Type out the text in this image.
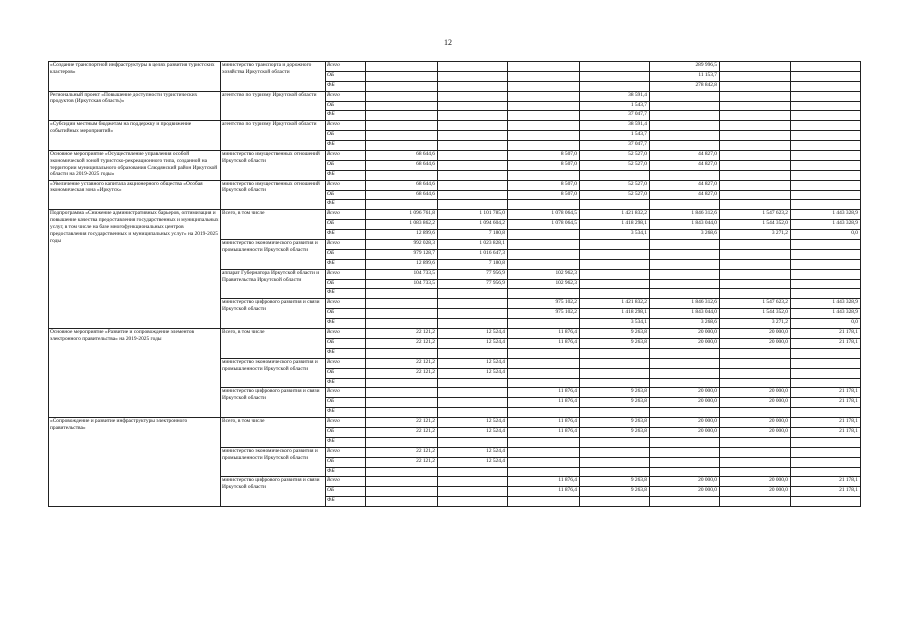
12
«Создание транспортной инфраструктуры в целях развития туристских кластеров»	министерство транспорта и дорожного хозяйства Иркутской области	Всего					289 996,5		
		ОБ					11 153,7		
		ФБ					278 842,8		
Региональный проект «Повышение доступности туристических продуктов (Иркутская область)»	агентство по туризму Иркутской области	Всего				38 591,4			
		ОБ				1 543,7			
		ФБ				37 047,7			
«Субсидии местным бюджетам на поддержку и продвижение событийных мероприятий»	агентство по туризму Иркутской области	Всего				38 591,4			
		ОБ				1 543,7			
		ФБ				37 047,7			
Основное мероприятие «Осуществление управления особой экономической зоной туристско-рекреационного типа, созданной на территории муниципального образования Слюдянский район Иркутской области на 2019-2025 годы»	министерство имущественных отношений Иркутской области	Всего	68 644,6		8 507,0	52 527,0	44 827,0		
		ОБ	68 644,6		8 507,0	52 527,0	44 827,0		
		ФБ							
«Увеличение уставного капитала акционерного общества «Особая экономическая зона «Иркутск»	министерство имущественных отношений Иркутской области	Всего	68 644,6		8 507,0	52 527,0	44 827,0		
		ОБ	68 644,6		8 507,0	52 527,0	44 827,0		
		ФБ							
Подпрограмма «Снижение административных барьеров, оптимизация и повышение качества предоставления государственных и муниципальных услуг, в том числе на базе многофункциональных центров предоставления государственных и муниципальных услуг» на 2019-2025 годы	Всего, в том числе	Всего	1 096 761,8	1 101 785,0	1 078 064,5	1 421 832,2	1 846 312,6	1 547 623,2	1 443 328,9
		ОБ	1 083 862,2	1 094 604,2	1 078 064,5	1 418 298,1	1 843 044,0	1 544 352,0	1 443 328,9
		ФБ	12 899,6	7 180,8		3 534,1	3 268,6	3 271,2	0,0
	министерство экономического развития и промышленности Иркутской области	Всего	992 028,3	1 023 828,1					
		ОБ	979 128,7	1 016 647,3					
		ФБ	12 899,6	7 180,8					
	аппарат Губернатора Иркутской области и Правительства Иркутской области	Всего	104 733,5	77 956,9	102 962,3				
		ОБ	104 733,5	77 956,9	102 962,3				
		ФБ							
	министерство цифрового развития и связи Иркутской области	Всего			975 102,2	1 421 832,2	1 846 312,6	1 547 623,2	1 443 328,9
		ОБ			975 102,2	1 418 298,1	1 843 044,0	1 544 352,0	1 443 328,9
		ФБ				3 534,1	3 268,6	3 271,2	0,0
Основное мероприятие «Развитие и сопровождение элементов электронного правительства» на 2019-2025 годы	Всего, в том числе	Всего	22 121,2	12 524,4	11 876,4	9 263,8	20 000,0	20 000,0	21 178,1
		ОБ	22 121,2	12 524,4	11 876,4	9 263,8	20 000,0	20 000,0	21 178,1
		ФБ							
	министерство экономического развития и промышленности Иркутской области	Всего	22 121,2	12 524,4					
		ОБ	22 121,2	12 524,4					
		ФБ							
	министерство цифрового развития и связи Иркутской области	Всего			11 876,4	9 263,8	20 000,0	20 000,0	21 178,1
		ОБ			11 876,4	9 263,8	20 000,0	20 000,0	21 178,1
		ФБ							
«Сопровождение и развитие инфраструктуры электронного правительства»	Всего, в том числе	Всего	22 121,2	12 524,4	11 876,4	9 263,8	20 000,0	20 000,0	21 178,1
		ОБ	22 121,2	12 524,4	11 876,4	9 263,8	20 000,0	20 000,0	21 178,1
		ФБ							
	министерство экономического развития и промышленности Иркутской области	Всего	22 121,2	12 524,4					
		ОБ	22 121,2	12 524,4					
		ФБ							
	министерство цифрового развития и связи Иркутской области	Всего			11 876,4	9 263,8	20 000,0	20 000,0	21 178,1
		ОБ			11 876,4	9 263,8	20 000,0	20 000,0	21 178,1
		ФБ							
